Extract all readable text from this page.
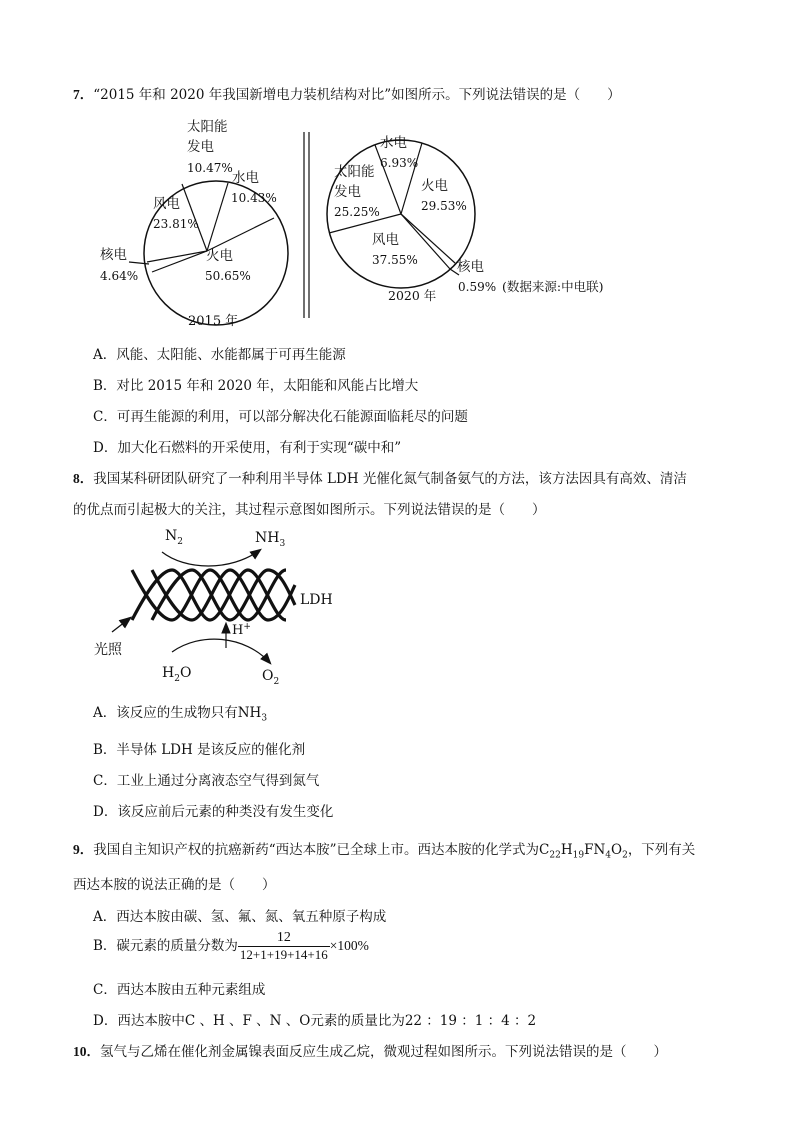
7．“2015 年和 2020 年我国新增电力装机结构对比”如图所示。下列说法错误的是（　　）
太阳能
发电
10.47%
水电
10.43%
风电
23.81%
火电
50.65%
核电
4.64%
2015 年
水电
6.93%
太阳能
发电
25.25%
火电
29.53%
风电
37.55%	核电
0.59% (数据来源:中电联)
2020 年
A．风能、太阳能、水能都属于可再生能源
B．对比 2015 年和 2020 年，太阳能和风能占比增大
C．可再生能源的利用，可以部分解决化石能源面临耗尽的问题
D．加大化石燃料的开采使用，有利于实现“碳中和”
8．我国某科研团队研究了一种利用半导体 LDH 光催化氮气制备氨气的方法，该方法因具有高效、清洁
的优点而引起极大的关注，其过程示意图如图所示。下列说法错误的是（　　）
$N_2$	$NH_3$
LDH
H+
光照
$H_2O$	$O_2$
A．该反应的生成物只有$NH_3$
B．半导体 LDH 是该反应的催化剂
C．工业上通过分离液态空气得到氮气
D．该反应前后元素的种类没有发生变化
9．我国自主知识产权的抗癌新药“西达本胺”已全球上市。西达本胺的化学式为$C_{22}H_{19}FN_4O_2$，下列有关
西达本胺的说法正确的是（　　）
A．西达本胺由碳、氢、氟、氮、氧五种原子构成
B．碳元素的质量分数为 $\frac{12}{12+1+19+14+16} \times 100\%$
C．西达本胺由五种元素组成
D．西达本胺中C 、H 、F 、N 、O元素的质量比为22 ：19 ：1 ：4 ：2
10．氢气与乙烯在催化剂金属镍表面反应生成乙烷，微观过程如图所示。下列说法错误的是（　　）
